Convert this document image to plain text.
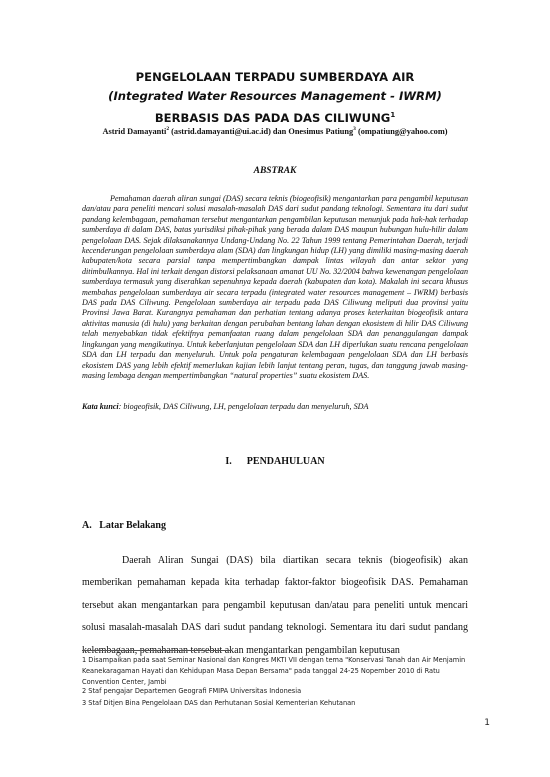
PENGELOLAAN TERPADU SUMBERDAYA AIR
(Integrated Water Resources Management - IWRM)
BERBASIS DAS PADA DAS CILIWUNG$^1$
Astrid Damayanti$^2$ (astrid.damayanti@ui.ac.id) dan Onesimus Patiung$^3$ (ompatiung@yahoo.com)
ABSTRAK

Pemahaman daerah aliran sungai (DAS) secara teknis (biogeofisik) mengantarkan para pengambil keputusan dan/atau para peneliti mencari solusi masalah-masalah DAS dari sudut pandang teknologi. Sementara itu dari sudut pandang kelembagaan, pemahaman tersebut mengantarkan pengambilan keputusan menunjuk pada hak-hak terhadap sumberdaya di dalam DAS, batas yurisdiksi pihak-pihak yang berada dalam DAS maupun hubungan hulu-hilir dalam pengelolaan DAS. Sejak dilaksanakannya Undang-Undang No. 22 Tahun 1999 tentang Pemerintahan Daerah, terjadi kecenderungan pengelolaan sumberdaya alam (SDA) dan lingkungan hidup (LH) yang dimiliki masing-masing daerah kabupaten/kota secara parsial tanpa mempertimbangkan dampak lintas wilayah dan antar sektor yang ditimbulkannya. Hal ini terkait dengan distorsi pelaksanaan amanat UU No. 32/2004 bahwa kewenangan pengelolaan sumberdaya termasuk yang diserahkan sepenuhnya kepada daerah (kabupaten dan kota). Makalah ini secara khusus membahas pengelolaan sumberdaya air secara terpadu (integrated water resources management – IWRM) berbasis DAS pada DAS Ciliwung. Pengelolaan sumberdaya air terpadu pada DAS Ciliwung meliputi dua provinsi yaitu Provinsi Jawa Barat. Kurangnya pemahaman dan perhatian tentang adanya proses keterkaitan biogeofisik antara aktivitas manusia (di hulu) yang berkaitan dengan perubahan bentang lahan dengan ekosistem di hilir DAS Ciliwung telah menyebabkan tidak efektifnya pemanfaatan ruang dalam pengelolaan SDA dan penanggulangan dampak lingkungan yang mengikutinya. Untuk keberlanjutan pengelolaan SDA dan LH diperlukan suatu rencana pengelolaan SDA dan LH terpadu dan menyeluruh. Untuk pola pengaturan kelembagaan pengelolaan SDA dan LH berbasis ekosistem DAS yang lebih efektif memerlukan kajian lebih lanjut tentang peran, tugas, dan tanggung jawab masing-masing lembaga dengan mempertimbangkan “natural properties” suatu ekosistem DAS.

Kata kunci: biogeofisik, DAS Ciliwung, LH, pengelolaan terpadu dan menyeluruh, SDA

I.      PENDAHULUAN
A.   Latar Belakang

Daerah Aliran Sungai (DAS) bila diartikan secara teknis (biogeofisik) akan memberikan pemahaman kepada kita terhadap faktor-faktor biogeofisik DAS. Pemahaman tersebut akan mengantarkan para pengambil keputusan dan/atau para peneliti untuk mencari solusi masalah-masalah DAS dari sudut pandang teknologi. Sementara itu dari sudut pandang kelembagaan, pemahaman tersebut akan mengantarkan pengambilan keputusan

1 Disampaikan pada saat Seminar Nasional dan Kongres MKTI VII dengan tema "Konservasi Tanah dan Air Menjamin Keanekaragaman Hayati dan Kehidupan Masa Depan Bersama" pada tanggal 24-25 Nopember 2010 di Ratu Convention Center, Jambi
2 Staf pengajar Departemen Geografi FMIPA Universitas Indonesia
3 Staf Ditjen Bina Pengelolaan DAS dan Perhutanan Sosial Kementerian Kehutanan
1
